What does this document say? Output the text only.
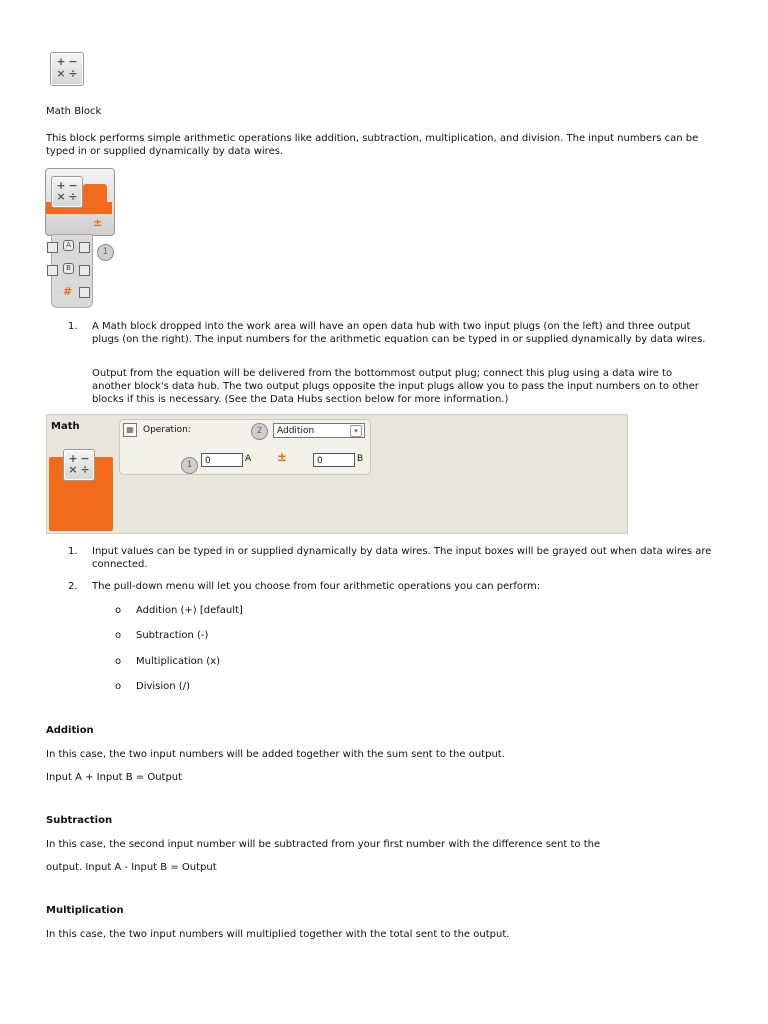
+ −
× ÷
Math Block
This block performs simple arithmetic operations like addition, subtraction, multiplication, and division. The input numbers can be typed in or supplied dynamically by data wires.
+ −
× ÷
±
A
1
B
#
1. A Math block dropped into the work area will have an open data hub with two input plugs (on the left) and three output plugs (on the right). The input numbers for the arithmetic equation can be typed in or supplied dynamically by data wires.
Output from the equation will be delivered from the bottommost output plug; connect this plug using a data wire to another block's data hub. The two output plugs opposite the input plugs allow you to pass the input numbers on to other blocks if this is necessary. (See the Data Hubs section below for more information.)
Math
+ −
× ÷
▦	Operation:	2	Addition	▾
1	0	A ±	0	B
1. Input values can be typed in or supplied dynamically by data wires. The input boxes will be grayed out when data wires are connected.
2. The pull-down menu will let you choose from four arithmetic operations you can perform:
o Addition (+) [default]
o Subtraction (-)
o Multiplication (x)
o Division (/)
Addition
In this case, the two input numbers will be added together with the sum sent to the output.
Input A + Input B = Output
Subtraction
In this case, the second input number will be subtracted from your first number with the difference sent to the
output. Input A - Input B = Output
Multiplication
In this case, the two input numbers will multiplied together with the total sent to the output.
